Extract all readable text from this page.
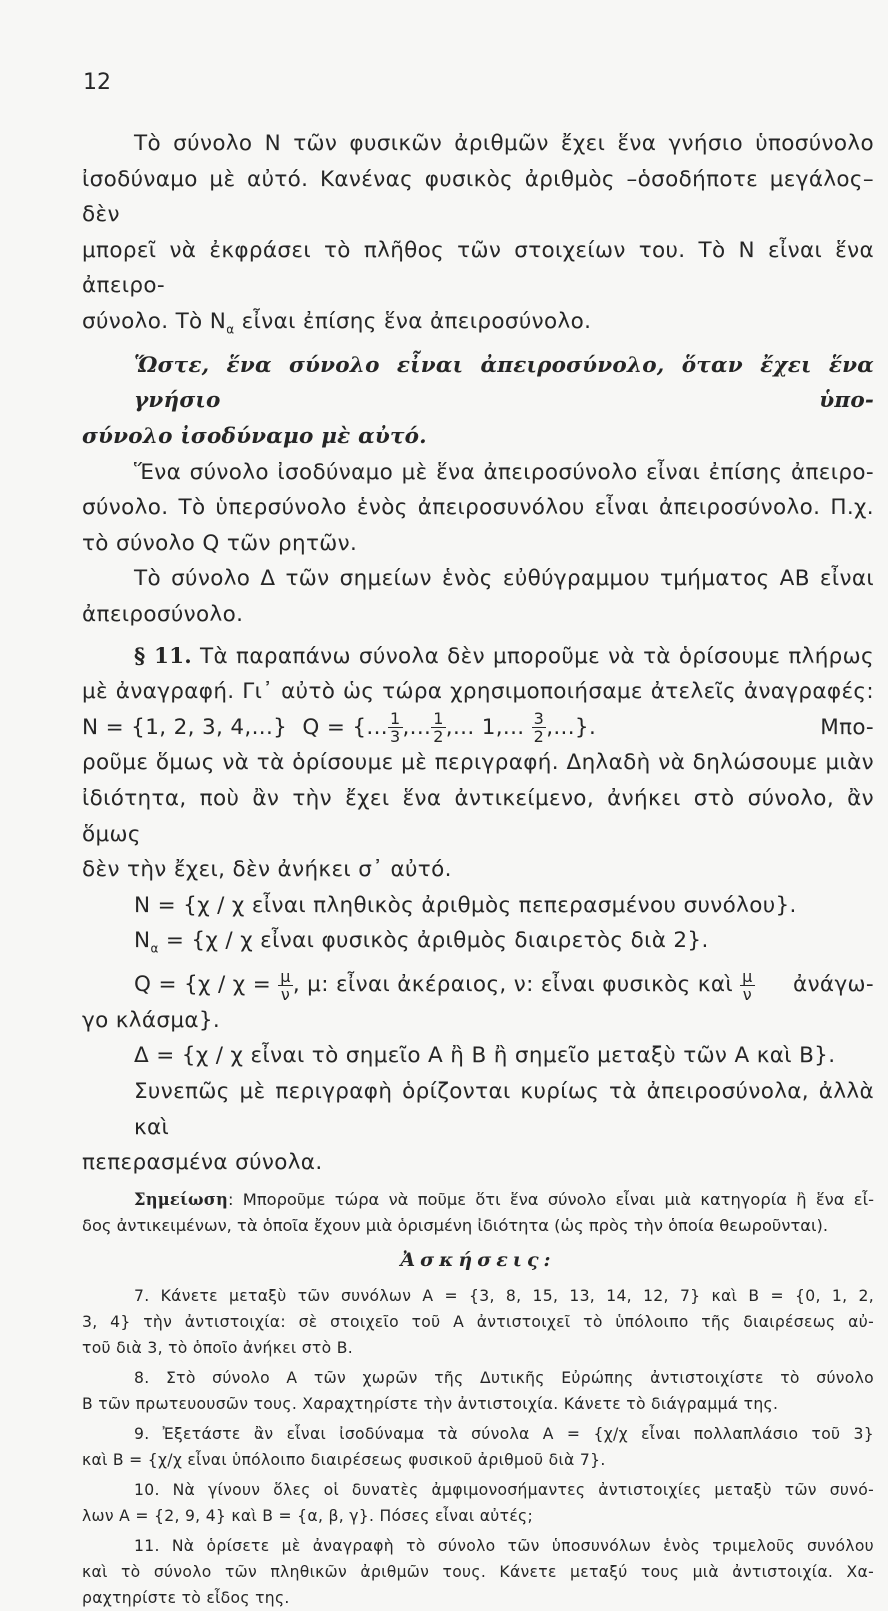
12
Τὸ σύνολο Ν τῶν φυσικῶν ἀριθμῶν ἔχει ἕνα γνήσιο ὑποσύνολο
ἰσοδύναμο μὲ αὐτό. Κανένας φυσικὸς ἀριθμὸς –ὁσοδήποτε μεγάλος– δὲν
μπορεῖ νὰ ἐκφράσει τὸ πλῆθος τῶν στοιχείων του. Τὸ Ν εἶναι ἕνα ἀπειρο-
σύνολο. Τὸ $N_\alpha$ εἶναι ἐπίσης ἕνα ἀπειροσύνολο.
Ὥστε, ἕνα σύνολο εἶναι ἀπειροσύνολο, ὅταν ἔχει ἕνα γνήσιο ὑπο-
σύνολο ἰσοδύναμο μὲ αὐτό.
Ἕνα σύνολο ἰσοδύναμο μὲ ἕνα ἀπειροσύνολο εἶναι ἐπίσης ἀπειρο-
σύνολο. Τὸ ὑπερσύνολο ἑνὸς ἀπειροσυνόλου εἶναι ἀπειροσύνολο. Π.χ.
τὸ σύνολο Q τῶν ρητῶν.
Τὸ σύνολο Δ τῶν σημείων ἑνὸς εὐθύγραμμου τμήματος ΑΒ εἶναι
ἀπειροσύνολο.
§ 11. Τὰ παραπάνω σύνολα δὲν μποροῦμε νὰ τὰ ὁρίσουμε πλήρως
μὲ ἀναγραφή. Γι᾽ αὐτὸ ὡς τώρα χρησιμοποιήσαμε ἀτελεῖς ἀναγραφές:
Ν = {1, 2, 3, 4,...} Q = {... $\frac{1}{3}$ ,... $\frac{1}{2}$ ,... 1,... $\frac{3}{2}$ ,...}.	Μπο-
ροῦμε ὅμως νὰ τὰ ὁρίσουμε μὲ περιγραφή. Δηλαδὴ νὰ δηλώσουμε μιὰν
ἰδιότητα, ποὺ ἂν τὴν ἔχει ἕνα ἀντικείμενο, ἀνήκει στὸ σύνολο, ἂν ὅμως
δὲν τὴν ἔχει, δὲν ἀνήκει σ᾽ αὐτό.
Ν = {χ / χ εἶναι πληθικὸς ἀριθμὸς πεπερασμένου συνόλου}.
$N_\alpha = \{\chi / \chi$ εἶναι φυσικὸς ἀριθμὸς διαιρετὸς διὰ 2}.
$Q = \{\chi / \chi = \frac{\mu}{\nu}$ , μ: εἶναι ἀκέραιος, ν: εἶναι φυσικὸς καὶ $\frac{\mu}{\nu}$ ἀνάγω-
γο κλάσμα}.
Δ = {χ / χ εἶναι τὸ σημεῖο Α ἢ Β ἢ σημεῖο μεταξὺ τῶν Α καὶ Β}.
Συνεπῶς μὲ περιγραφὴ ὁρίζονται κυρίως τὰ ἀπειροσύνολα, ἀλλὰ καὶ
πεπερασμένα σύνολα.
Σημείωση: Μποροῦμε τώρα νὰ ποῦμε ὅτι ἕνα σύνολο εἶναι μιὰ κατηγορία ἢ ἕνα εἶ-
δος ἀντικειμένων, τὰ ὁποῖα ἔχουν μιὰ ὁρισμένη ἰδιότητα (ὡς πρὸς τὴν ὁποία θεωροῦνται).
Ἀσκήσεις:
7. Κάνετε μεταξὺ τῶν συνόλων Α = {3, 8, 15, 13, 14, 12, 7} καὶ Β = {0, 1, 2,
3, 4} τὴν ἀντιστοιχία: σὲ στοιχεῖο τοῦ Α ἀντιστοιχεῖ τὸ ὑπόλοιπο τῆς διαιρέσεως αὐ-
τοῦ διὰ 3, τὸ ὁποῖο ἀνήκει στὸ Β.
8. Στὸ σύνολο Α τῶν χωρῶν τῆς Δυτικῆς Εὐρώπης ἀντιστοιχίστε τὸ σύνολο
Β τῶν πρωτευουσῶν τους. Χαραχτηρίστε τὴν ἀντιστοιχία. Κάνετε τὸ διάγραμμά της.
9. Ἐξετάστε ἂν εἶναι ἰσοδύναμα τὰ σύνολα Α = {χ/χ εἶναι πολλαπλάσιο τοῦ 3}
καὶ Β = {χ/χ εἶναι ὑπόλοιπο διαιρέσεως φυσικοῦ ἀριθμοῦ διὰ 7}.
10. Νὰ γίνουν ὅλες οἱ δυνατὲς ἀμφιμονοσήμαντες ἀντιστοιχίες μεταξὺ τῶν συνό-
λων Α = {2, 9, 4} καὶ Β = {α, β, γ}. Πόσες εἶναι αὐτές;
11. Νὰ ὁρίσετε μὲ ἀναγραφὴ τὸ σύνολο τῶν ὑποσυνόλων ἑνὸς τριμελοῦς συνόλου
καὶ τὸ σύνολο τῶν πληθικῶν ἀριθμῶν τους. Κάνετε μεταξύ τους μιὰ ἀντιστοιχία. Χα-
ραχτηρίστε τὸ εἶδος της.
